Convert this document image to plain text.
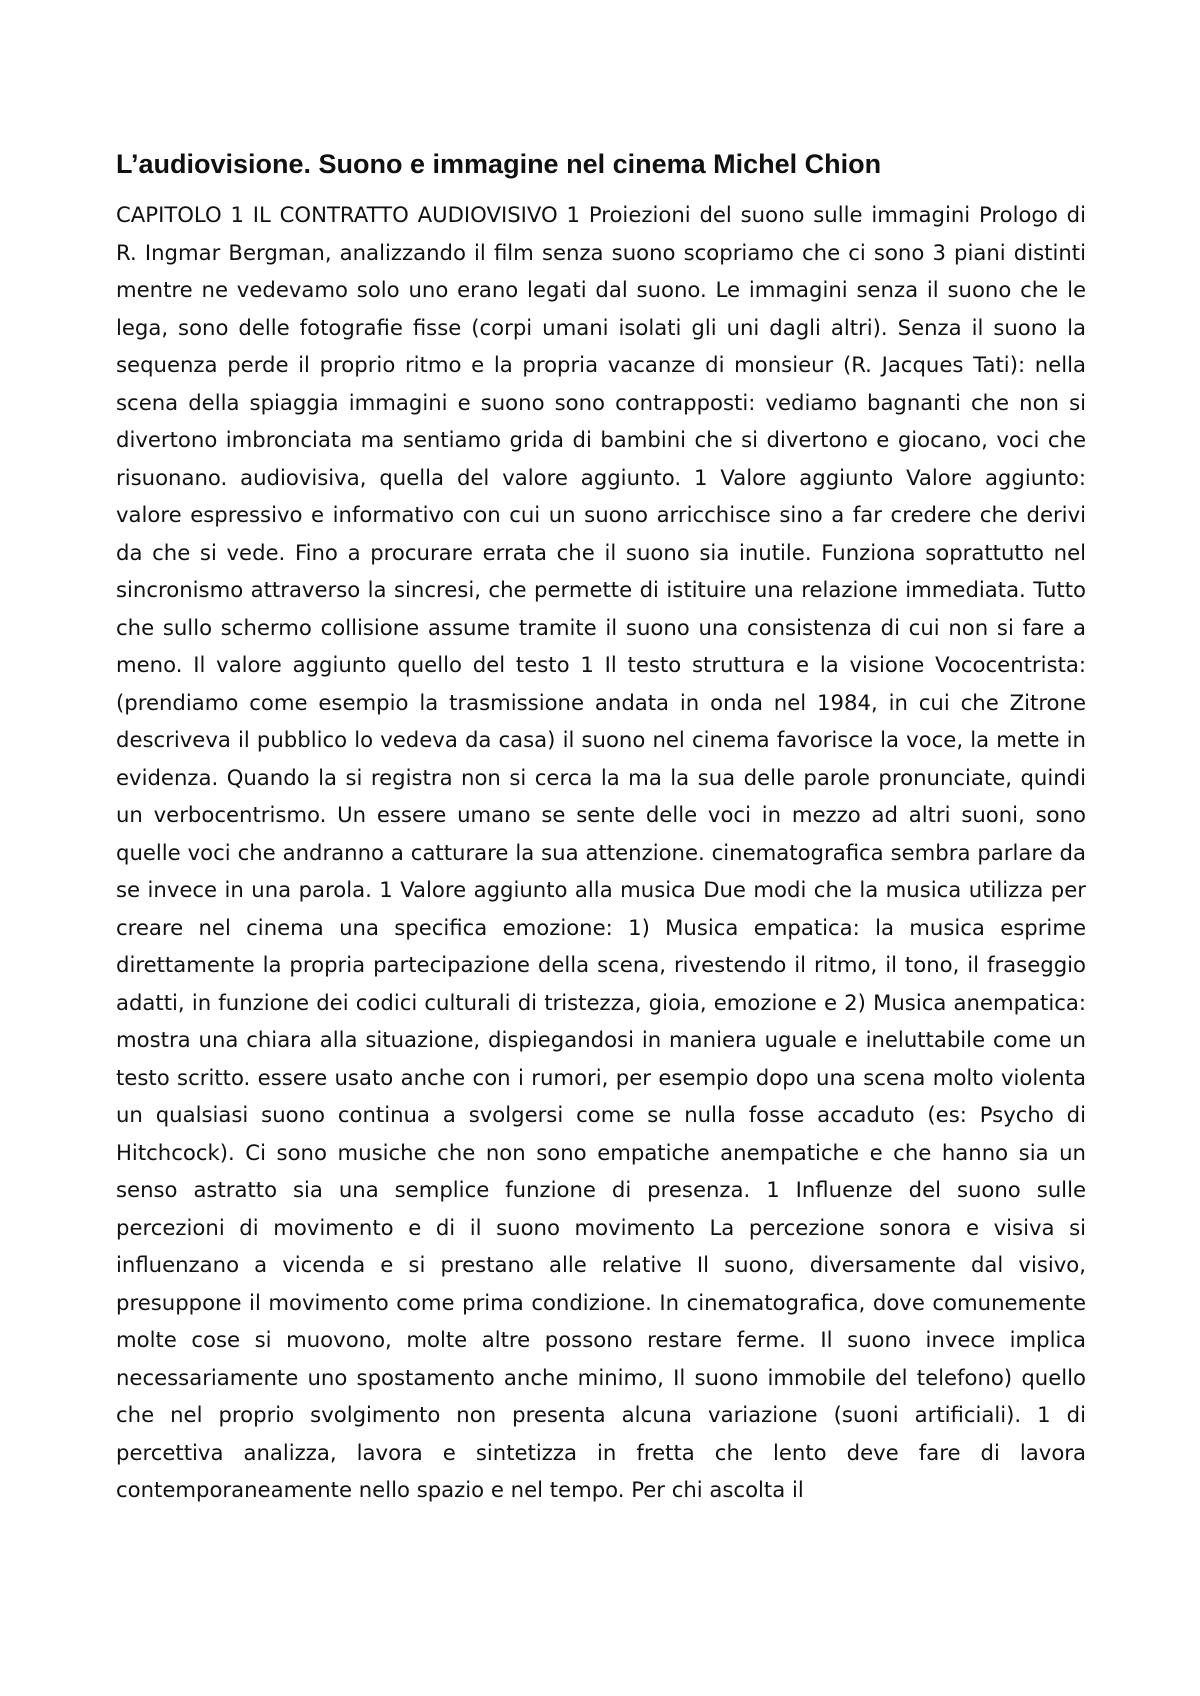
L’audiovisione. Suono e immagine nel cinema Michel Chion

CAPITOLO 1 IL CONTRATTO AUDIOVISIVO 1 Proiezioni del suono sulle immagini Prologo di R. Ingmar Bergman, analizzando il film senza suono scopriamo che ci sono 3 piani distinti mentre ne vedevamo solo uno erano legati dal suono. Le immagini senza il suono che le lega, sono delle fotografie fisse (corpi umani isolati gli uni dagli altri). Senza il suono la sequenza perde il proprio ritmo e la propria vacanze di monsieur (R. Jacques Tati): nella scena della spiaggia immagini e suono sono contrapposti: vediamo bagnanti che non si divertono imbronciata ma sentiamo grida di bambini che si divertono e giocano, voci che risuonano. audiovisiva, quella del valore aggiunto. 1 Valore aggiunto Valore aggiunto: valore espressivo e informativo con cui un suono arricchisce sino a far credere che derivi da che si vede. Fino a procurare errata che il suono sia inutile. Funziona soprattutto nel sincronismo attraverso la sincresi, che permette di istituire una relazione immediata. Tutto che sullo schermo collisione assume tramite il suono una consistenza di cui non si fare a meno. Il valore aggiunto quello del testo 1 Il testo struttura e la visione Vococentrista: (prendiamo come esempio la trasmissione andata in onda nel 1984, in cui che Zitrone descriveva il pubblico lo vedeva da casa) il suono nel cinema favorisce la voce, la mette in evidenza. Quando la si registra non si cerca la ma la sua delle parole pronunciate, quindi un verbocentrismo. Un essere umano se sente delle voci in mezzo ad altri suoni, sono quelle voci che andranno a catturare la sua attenzione. cinematografica sembra parlare da se invece in una parola. 1 Valore aggiunto alla musica Due modi che la musica utilizza per creare nel cinema una specifica emozione: 1) Musica empatica: la musica esprime direttamente la propria partecipazione della scena, rivestendo il ritmo, il tono, il fraseggio adatti, in funzione dei codici culturali di tristezza, gioia, emozione e 2) Musica anempatica: mostra una chiara alla situazione, dispiegandosi in maniera uguale e ineluttabile come un testo scritto. essere usato anche con i rumori, per esempio dopo una scena molto violenta un qualsiasi suono continua a svolgersi come se nulla fosse accaduto (es: Psycho di Hitchcock). Ci sono musiche che non sono empatiche anempatiche e che hanno sia un senso astratto sia una semplice funzione di presenza. 1 Influenze del suono sulle percezioni di movimento e di il suono movimento La percezione sonora e visiva si influenzano a vicenda e si prestano alle relative Il suono, diversamente dal visivo, presuppone il movimento come prima condizione. In cinematografica, dove comunemente molte cose si muovono, molte altre possono restare ferme. Il suono invece implica necessariamente uno spostamento anche minimo, Il suono immobile del telefono) quello che nel proprio svolgimento non presenta alcuna variazione (suoni artificiali). 1 di percettiva analizza, lavora e sintetizza in fretta che lento deve fare di lavora contemporaneamente nello spazio e nel tempo. Per chi ascolta il
